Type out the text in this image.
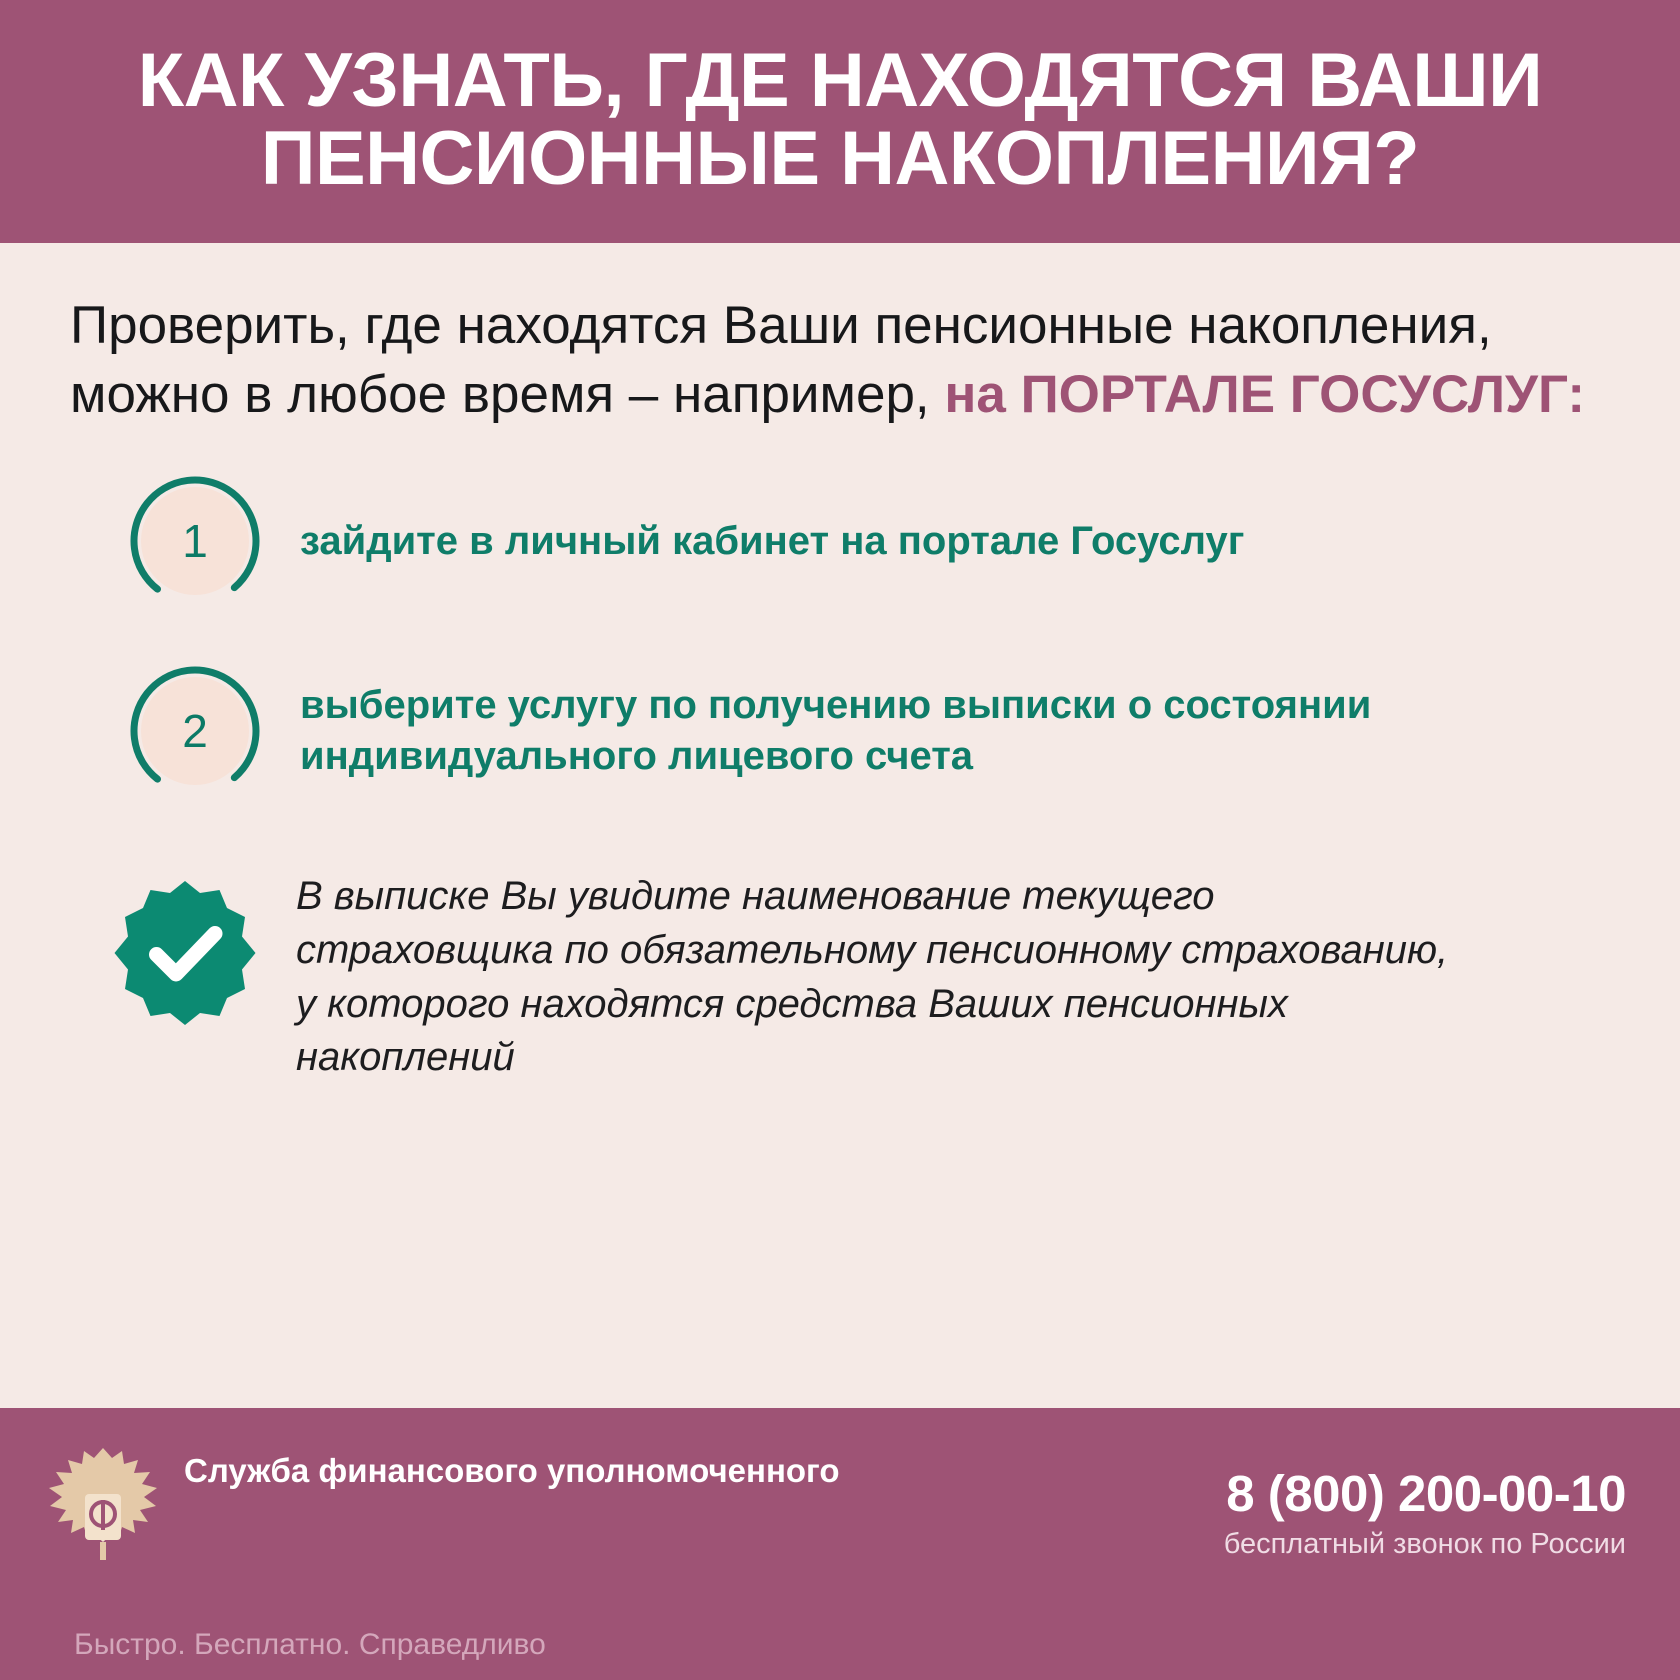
КАК УЗНАТЬ, ГДЕ НАХОДЯТСЯ ВАШИ ПЕНСИОННЫЕ НАКОПЛЕНИЯ?
Проверить, где находятся Ваши пенсионные накопления, можно в любое время – например, на ПОРТАЛЕ ГОСУСЛУГ:
1	зайдите в личный кабинет на портале Госуслуг
2
выберите услугу по получению выписки о состоянии индивидуального лицевого счета
В выписке Вы увидите наименование текущего страховщика по обязательному пенсионному страхованию, у которого находятся средства Ваших пенсионных накоплений
Служба финансового уполномоченного
Быстро. Бесплатно. Справедливо
8 (800) 200-00-10
бесплатный звонок по России
